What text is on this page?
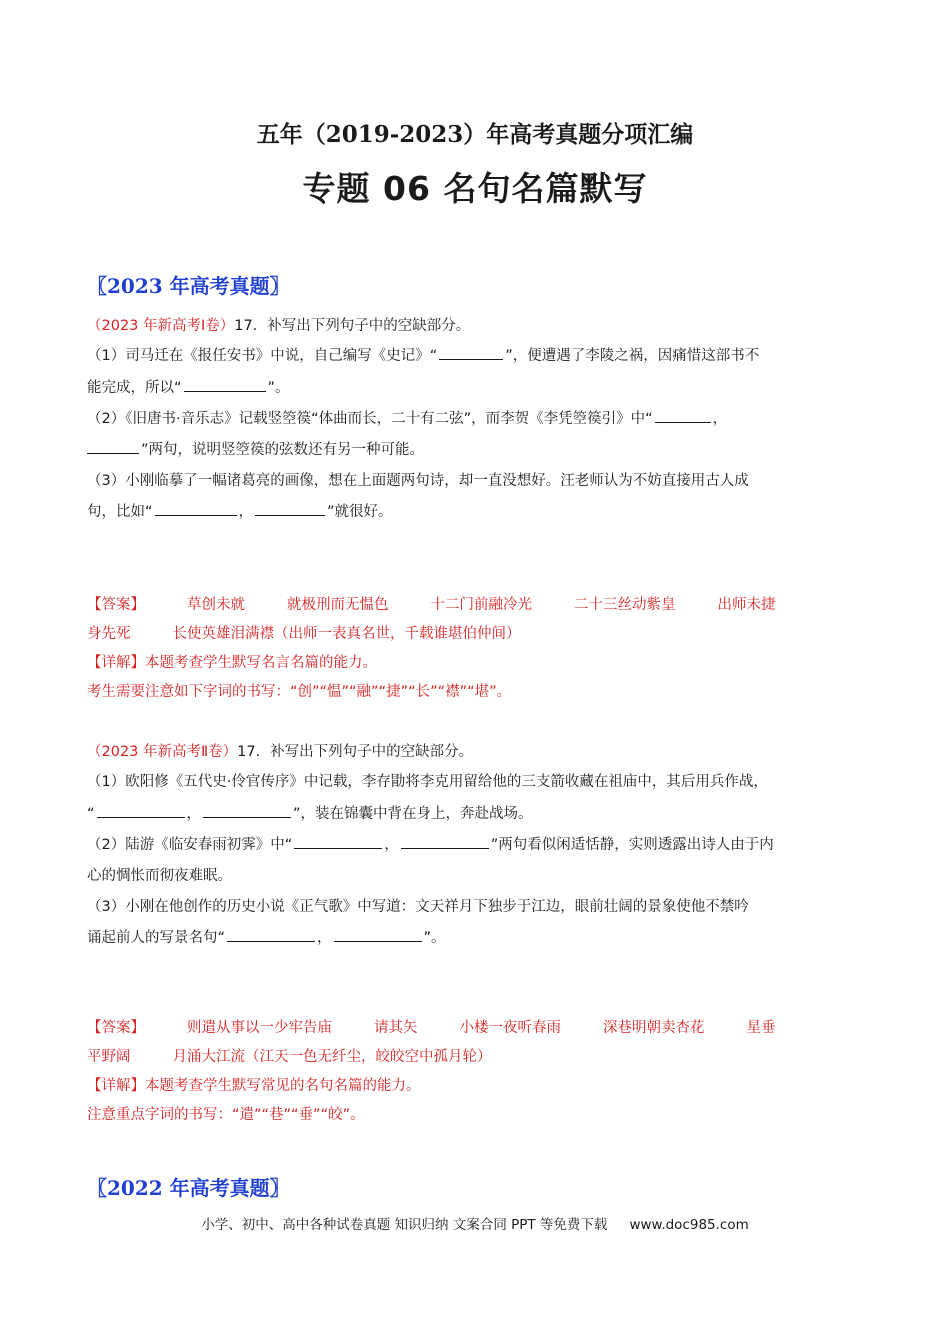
五年（2019-2023）年高考真题分项汇编
专题 06 名句名篇默写
〖2023 年高考真题〗
（2023 年新高考Ⅰ卷）17．补写出下列句子中的空缺部分。
（1）司马迁在《报任安书》中说，自己编写《史记》“	”，便遭遇了李陵之祸，因痛惜这部书不
能完成，所以“	”。
（2）《旧唐书·音乐志》记载竖箜篌“体曲而长，二十有二弦”，而李贺《李凭箜篌引》中“	，
”两句，说明竖箜篌的弦数还有另一种可能。
（3）小刚临摹了一幅诸葛亮的画像，想在上面题两句诗，却一直没想好。汪老师认为不妨直接用古人成
句，比如“	，	”就很好。
【答案】	草创未就	就极刑而无愠色	十二门前融冷光	二十三丝动紫皇	出师未捷
身先死	长使英雄泪满襟（出师一表真名世，千载谁堪伯仲间）
【详解】本题考查学生默写名言名篇的能力。
考生需要注意如下字词的书写：“创”“愠”“融”“捷”“长”“襟”“堪”。
（2023 年新高考Ⅱ卷）17．补写出下列句子中的空缺部分。
（1）欧阳修《五代史·伶官传序》中记载，李存勖将李克用留给他的三支箭收藏在祖庙中，其后用兵作战，
“	，	”，装在锦囊中背在身上，奔赴战场。
（2）陆游《临安春雨初霁》中“	，	”两句看似闲适恬静，实则透露出诗人由于内
心的惆怅而彻夜难眠。
（3）小刚在他创作的历史小说《正气歌》中写道：文天祥月下独步于江边，眼前壮阔的景象使他不禁吟
诵起前人的写景名句“	，	”。
【答案】	则遣从事以一少牢告庙	请其矢	小楼一夜听春雨	深巷明朝卖杏花	星垂
平野阔	月涌大江流（江天一色无纤尘，皎皎空中孤月轮）
【详解】本题考查学生默写常见的名句名篇的能力。
注意重点字词的书写：“遣”“巷”“垂”“皎”。
〖2022 年高考真题〗
小学、初中、高中各种试卷真题 知识归纳 文案合同 PPT 等免费下载 www.doc985.com
